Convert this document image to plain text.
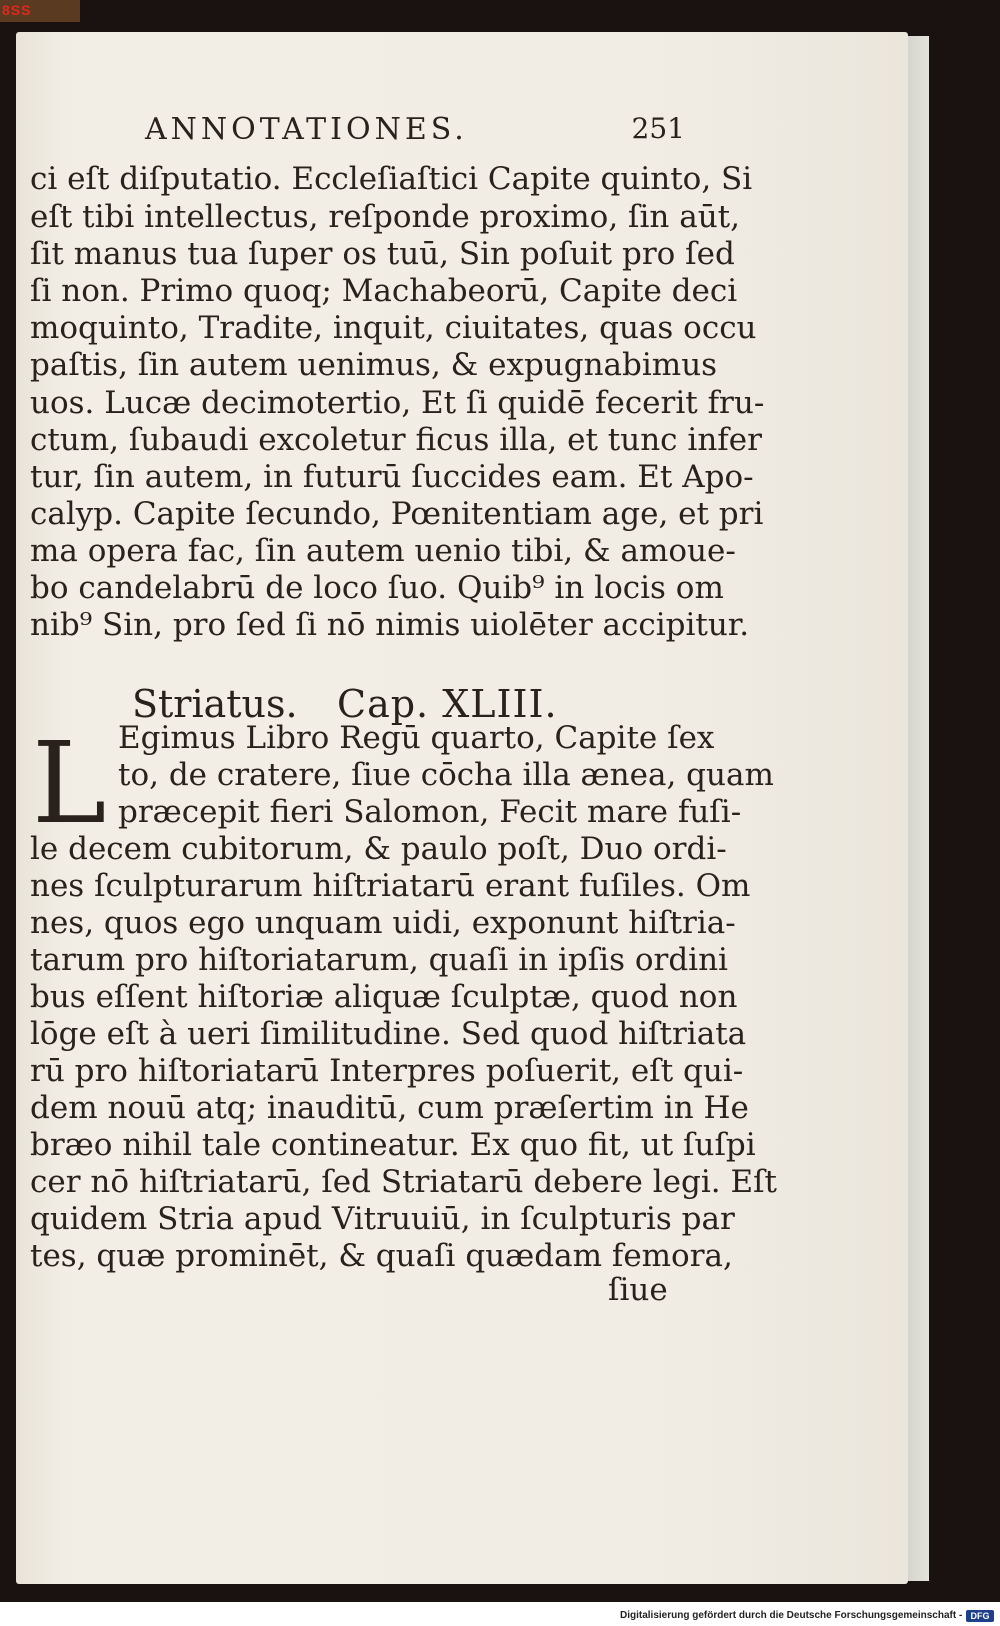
8SS
ANNOTATIONES.	251
ci eſt diſputatio. Eccleſiaſtici Capite quinto, Si
eſt tibi intellectus, reſponde proximo, ſin aūt,
ſit manus tua ſuper os tuū, Sin poſuit pro ſed
ſi non. Primo quoq; Machabeorū, Capite deci
moquinto, Tradite, inquit, ciuitates, quas occu
paſtis, ſin autem uenimus, & expugnabimus
uos. Lucæ decimotertio, Et ſi quidē fecerit fru-
ctum, ſubaudi excoletur ficus illa, et tunc infer
tur, ſin autem, in futurū ſuccides eam. Et Apo-
calyp. Capite ſecundo, Pœnitentiam age, et pri
ma opera fac, ſin autem uenio tibi, & amoue-
bo candelabrū de loco ſuo. Quib⁹ in locis om
nib⁹ Sin, pro ſed ſi nō nimis uiolēter accipitur.
Striatus. Cap. XLIII.
L Egimus Libro Regū quarto, Capite ſex
to, de cratere, ſiue cōcha illa ænea, quam
præcepit fieri Salomon, Fecit mare fuſi-
le decem cubitorum, & paulo poſt, Duo ordi-
nes ſculpturarum hiſtriatarū erant fuſiles. Om
nes, quos ego unquam uidi, exponunt hiſtria-
tarum pro hiſtoriatarum, quaſi in ipſis ordini
bus eſſent hiſtoriæ aliquæ ſculptæ, quod non
lōge eſt à ueri ſimilitudine. Sed quod hiſtriata
rū pro hiſtoriatarū Interpres poſuerit, eſt qui-
dem nouū atq; inauditū, cum præſertim in He
bræo nihil tale contineatur. Ex quo fit, ut ſuſpi
cer nō hiſtriatarū, ſed Striatarū debere legi. Eſt
quidem Stria apud Vitruuiū, in ſculpturis par
tes, quæ prominēt, & quaſi quædam femora,
ſiue
Digitalisierung gefördert durch die Deutsche Forschungsgemeinschaft - DFG
